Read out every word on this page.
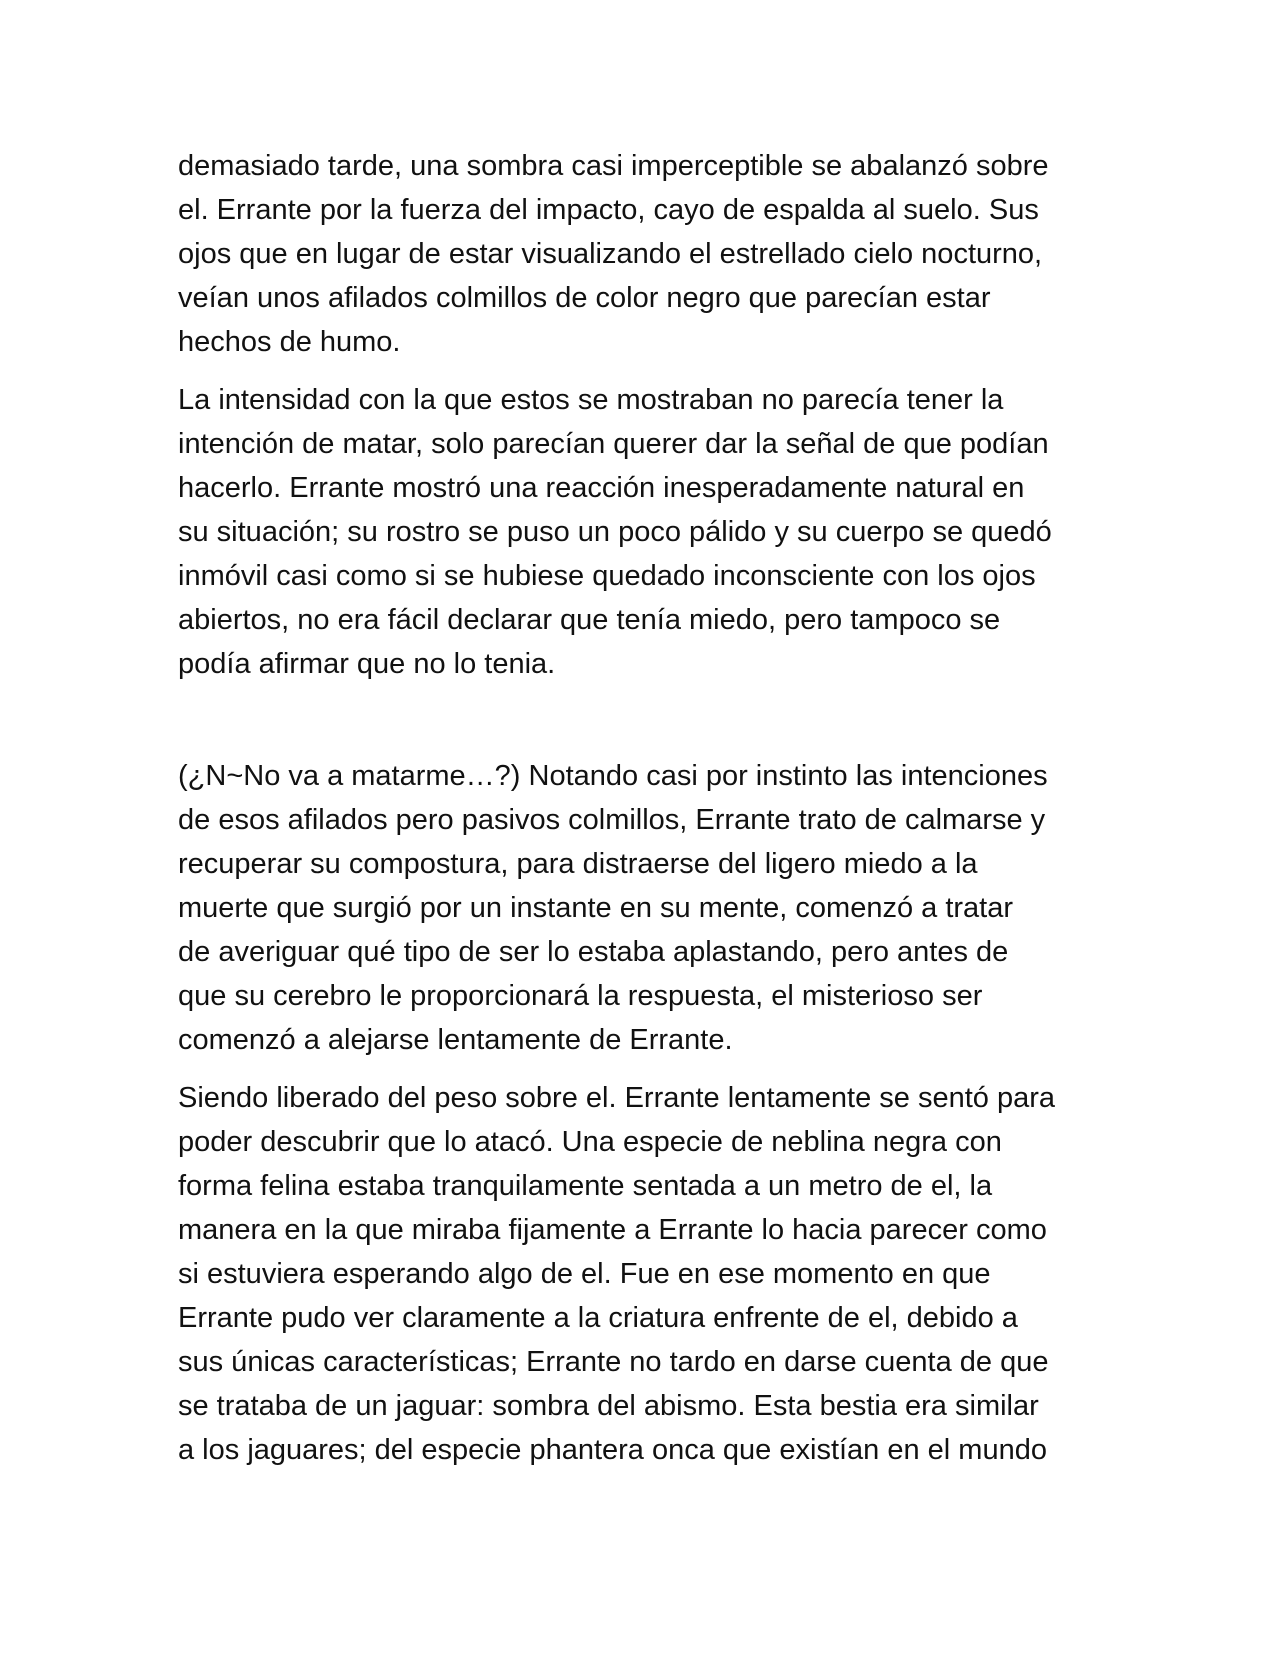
demasiado tarde, una sombra casi imperceptible se abalanzó sobre
el. Errante por la fuerza del impacto, cayo de espalda al suelo. Sus
ojos que en lugar de estar visualizando el estrellado cielo nocturno,
veían unos afilados colmillos de color negro que parecían estar
hechos de humo.

La intensidad con la que estos se mostraban no parecía tener la
intención de matar, solo parecían querer dar la señal de que podían
hacerlo. Errante mostró una reacción inesperadamente natural en
su situación; su rostro se puso un poco pálido y su cuerpo se quedó
inmóvil casi como si se hubiese quedado inconsciente con los ojos
abiertos, no era fácil declarar que tenía miedo, pero tampoco se
podía afirmar que no lo tenia.

(¿N~No va a matarme…?) Notando casi por instinto las intenciones
de esos afilados pero pasivos colmillos, Errante trato de calmarse y
recuperar su compostura, para distraerse del ligero miedo a la
muerte que surgió por un instante en su mente, comenzó a tratar
de averiguar qué tipo de ser lo estaba aplastando, pero antes de
que su cerebro le proporcionará la respuesta, el misterioso ser
comenzó a alejarse lentamente de Errante.

Siendo liberado del peso sobre el. Errante lentamente se sentó para
poder descubrir que lo atacó. Una especie de neblina negra con
forma felina estaba tranquilamente sentada a un metro de el, la
manera en la que miraba fijamente a Errante lo hacia parecer como
si estuviera esperando algo de el. Fue en ese momento en que
Errante pudo ver claramente a la criatura enfrente de el, debido a
sus únicas características; Errante no tardo en darse cuenta de que
se trataba de un jaguar: sombra del abismo. Esta bestia era similar
a los jaguares; del especie phantera onca que existían en el mundo
